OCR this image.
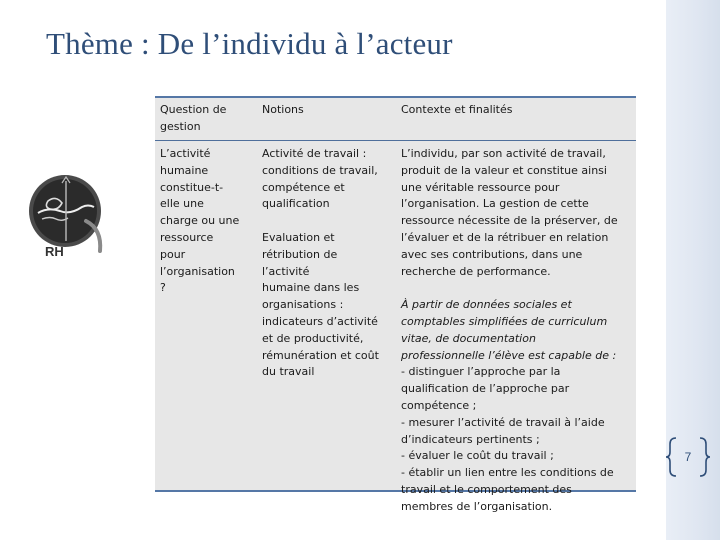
Thème : De l’individu à l’acteur
RH
Question de
gestion
Notions	Contexte et finalités
L’activité
humaine
constitue-t-
elle une
charge ou une
ressource
pour
l’organisation
?
Activité de travail :
conditions de travail,
compétence et
qualification
Evaluation et
rétribution de
l’activité
humaine dans les
organisations :
indicateurs d’activité
et de productivité,
rémunération et coût
du travail
L’individu, par son activité de travail,
produit de la valeur et constitue ainsi
une véritable ressource pour
l’organisation. La gestion de cette
ressource nécessite de la préserver, de
l’évaluer et de la rétribuer en relation
avec ses contributions, dans une
recherche de performance.
À partir de données sociales et
comptables simplifiées de curriculum
vitae, de documentation
professionnelle l’élève est capable de :
- distinguer l’approche par la
qualification de l’approche par
compétence ;
- mesurer l’activité de travail à l’aide
d’indicateurs pertinents ;
- évaluer le coût du travail ;
- établir un lien entre les conditions de
travail et le comportement des
membres de l’organisation.
7
